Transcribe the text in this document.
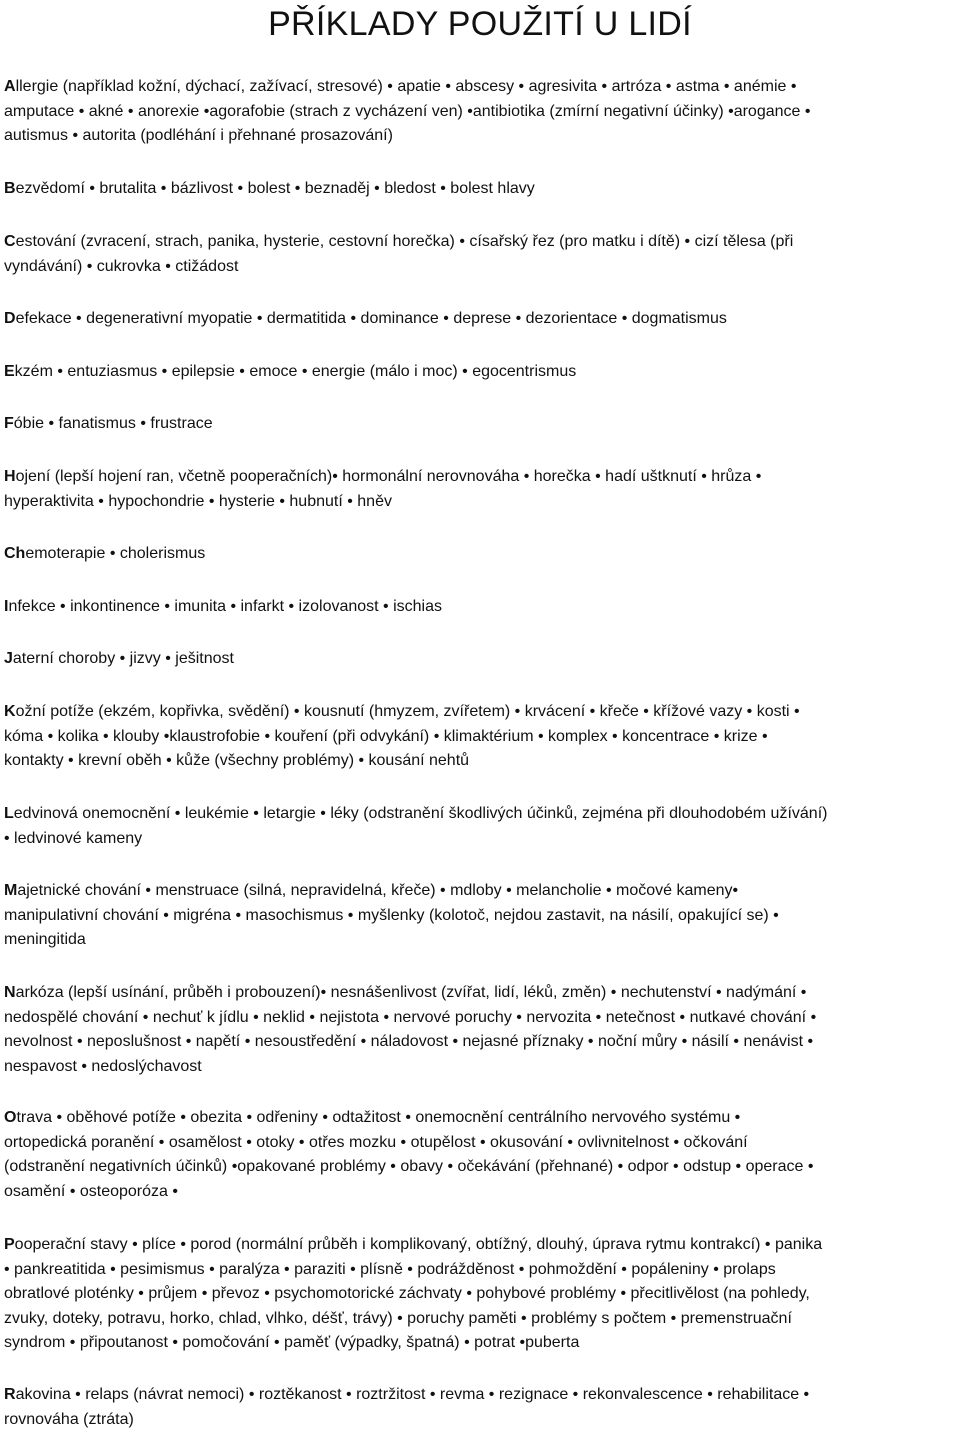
PŘÍKLADY POUŽITÍ U LIDÍ
Allergie (například kožní, dýchací, zažívací, stresové) • apatie • abscesy • agresivita • artróza • astma • anémie •
amputace • akné • anorexie •agorafobie (strach z vycházení ven) •antibiotika (zmírní negativní účinky) •arogance •
autismus • autorita (podléhání i přehnané prosazování)
Bezvědomí • brutalita • bázlivost • bolest • beznaděj • bledost • bolest hlavy
Cestování (zvracení, strach, panika, hysterie, cestovní horečka) • císařský řez (pro matku i dítě) • cizí tělesa (při
vyndávání) • cukrovka • ctižádost
Defekace • degenerativní myopatie • dermatitida • dominance • deprese • dezorientace • dogmatismus
Ekzém • entuziasmus • epilepsie • emoce • energie (málo i moc) • egocentrismus
Fóbie • fanatismus • frustrace
Hojení (lepší hojení ran, včetně pooperačních)• hormonální nerovnováha • horečka • hadí uštknutí • hrůza •
hyperaktivita • hypochondrie • hysterie • hubnutí • hněv
Chemoterapie • cholerismus
Infekce • inkontinence • imunita • infarkt • izolovanost • ischias
Jaterní choroby • jizvy • ješitnost
Kožní potíže (ekzém, kopřivka, svědění) • kousnutí (hmyzem, zvířetem) • krvácení • křeče • křížové vazy • kosti •
kóma • kolika • klouby •klaustrofobie • kouření (při odvykání) • klimaktérium • komplex • koncentrace • krize •
kontakty • krevní oběh • kůže (všechny problémy) • kousání nehtů
Ledvinová onemocnění • leukémie • letargie • léky (odstranění škodlivých účinků, zejména při dlouhodobém užívání)
• ledvinové kameny
Majetnické chování • menstruace (silná, nepravidelná, křeče) • mdloby • melancholie • močové kameny•
manipulativní chování • migréna • masochismus • myšlenky (kolotoč, nejdou zastavit, na násilí, opakující se) •
meningitida
Narkóza (lepší usínání, průběh i probouzení)• nesnášenlivost (zvířat, lidí, léků, změn) • nechutenství • nadýmání •
nedospělé chování • nechuť k jídlu • neklid • nejistota • nervové poruchy • nervozita • netečnost • nutkavé chování •
nevolnost • neposlušnost • napětí • nesoustředění • náladovost • nejasné příznaky • noční můry • násilí • nenávist •
nespavost • nedoslýchavost
Otrava • oběhové potíže • obezita • odřeniny • odtažitost • onemocnění centrálního nervového systému •
ortopedická poranění • osamělost • otoky • otřes mozku • otupělost • okusování • ovlivnitelnost • očkování
(odstranění negativních účinků) •opakované problémy • obavy • očekávání (přehnané) • odpor • odstup • operace •
osamění • osteoporóza •
Pooperační stavy • plíce • porod (normální průběh i komplikovaný, obtížný, dlouhý, úprava rytmu kontrakcí) • panika
• pankreatitida • pesimismus • paralýza • paraziti • plísně • podrážděnost • pohmoždění • popáleniny • prolaps
obratlové ploténky • průjem • převoz • psychomotorické záchvaty • pohybové problémy • přecitlivělost (na pohledy,
zvuky, doteky, potravu, horko, chlad, vlhko, déšť, trávy) • poruchy paměti • problémy s počtem • premenstruační
syndrom • připoutanost • pomočování • paměť (výpadky, špatná) • potrat •puberta
Rakovina • relaps (návrat nemoci) • roztěkanost • roztržitost • revma • rezignace • rekonvalescence • rehabilitace •
rovnováha (ztráta)
